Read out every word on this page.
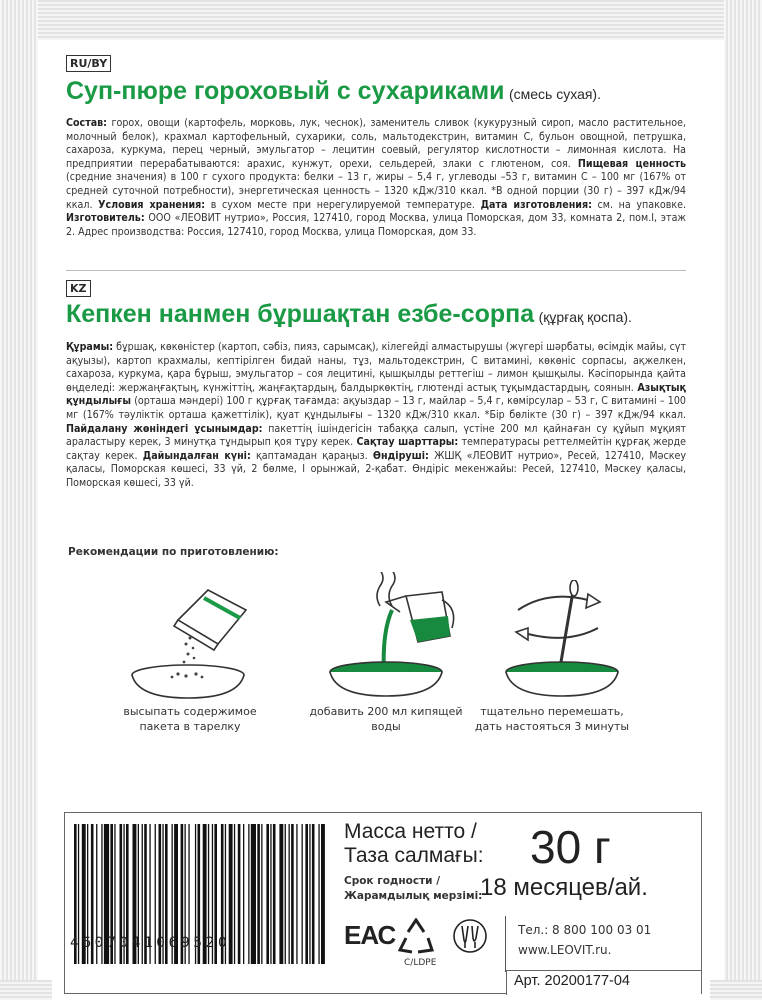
RU/BY
Суп-пюре гороховый с сухариками (смесь сухая).
Состав: горох, овощи (картофель, морковь, лук, чеснок), заменитель сливок (кукурузный сироп, масло растительное, молочный белок), крахмал картофельный, сухарики, соль, мальтодекстрин, витамин С, бульон овощной, петрушка, сахароза, куркума, перец черный, эмульгатор – лецитин соевый, регулятор кислотности – лимонная кислота. На предприятии перерабатываются: арахис, кунжут, орехи, сельдерей, злаки с глютеном, соя. Пищевая ценность (средние значения) в 100 г сухого продукта: белки – 13 г, жиры – 5,4 г, углеводы –53 г, витамин С – 100 мг (167% от средней суточной потребности), энергетическая ценность – 1320 кДж/310 ккал. *В одной порции (30 г) – 397 кДж/94 ккал. Условия хранения: в сухом месте при нерегулируемой температуре. Дата изготовления: см. на упаковке. Изготовитель: ООО «ЛЕОВИТ нутрио», Россия, 127410, город Москва, улица Поморская, дом 33, комната 2, пом.I, этаж 2. Адрес производства: Россия, 127410, город Москва, улица Поморская, дом 33.
KZ
Кепкен нанмен бұршақтан езбе-сорпа (құрғақ қоспа).
Құрамы: бұршақ, көкөністер (картоп, сәбіз, пияз, сарымсақ), кілегейді алмастырушы (жүгері шәрбаты, өсімдік майы, сүт ақуызы), картоп крахмалы, кептірілген бидай наны, тұз, мальтодекстрин, С витамині, көкөніс сорпасы, ақжелкен, сахароза, куркума, қара бұрыш, эмульгатор – соя лецитині, қышқылды реттегіш – лимон қышқылы. Кәсіпорында қайта өңделеді: жержаңғақтың, күнжіттің, жаңғақтардың, балдыркөктің, глютенді астық тұқымдастардың, соянын. Азықтық құндылығы (орташа мәндері) 100 г құрғақ тағамда: ақуыздар – 13 г, майлар – 5,4 г, көмірсулар – 53 г, С витамині – 100 мг (167% тәуліктік орташа қажеттілік), қуат құндылығы – 1320 кДж/310 ккал. *Бір бөлікте (30 г) – 397 кДж/94 ккал. Пайдалану жөніндегі ұсынымдар: пакеттің ішіндегісін табаққа салып, үстіне 200 мл қайнаған су құйып мұқият араластыру керек, 3 минутқа тұндырып қоя тұру керек. Сақтау шарттары: температурасы реттелмейтін құрғақ жерде сақтау керек. Дайындалған күні: қаптамадан қараңыз. Өндіруші: ЖШҚ «ЛЕОВИТ нутрио», Ресей, 127410, Мәскеу қаласы, Поморская көшесі, 33 үй, 2 бөлме, I орынжай, 2-қабат. Өндіріс мекенжайы: Ресей, 127410, Мәскеу қаласы, Поморская көшесі, 33 үй.
Рекомендации по приготовлению:
высыпать содержимое пакета в тарелку
добавить 200 мл кипящей воды
тщательно перемешать, дать настояться 3 минуты
4607041069520
Масса нетто /
Таза салмағы: 30 г
Срок годности /
Жарамдылық мерзімі:
18 месяцев/ай.
ЕАС
C/LDPE
Тел.: 8 800 100 03 01
www.LEOVIT.ru.
Арт. 20200177-04
